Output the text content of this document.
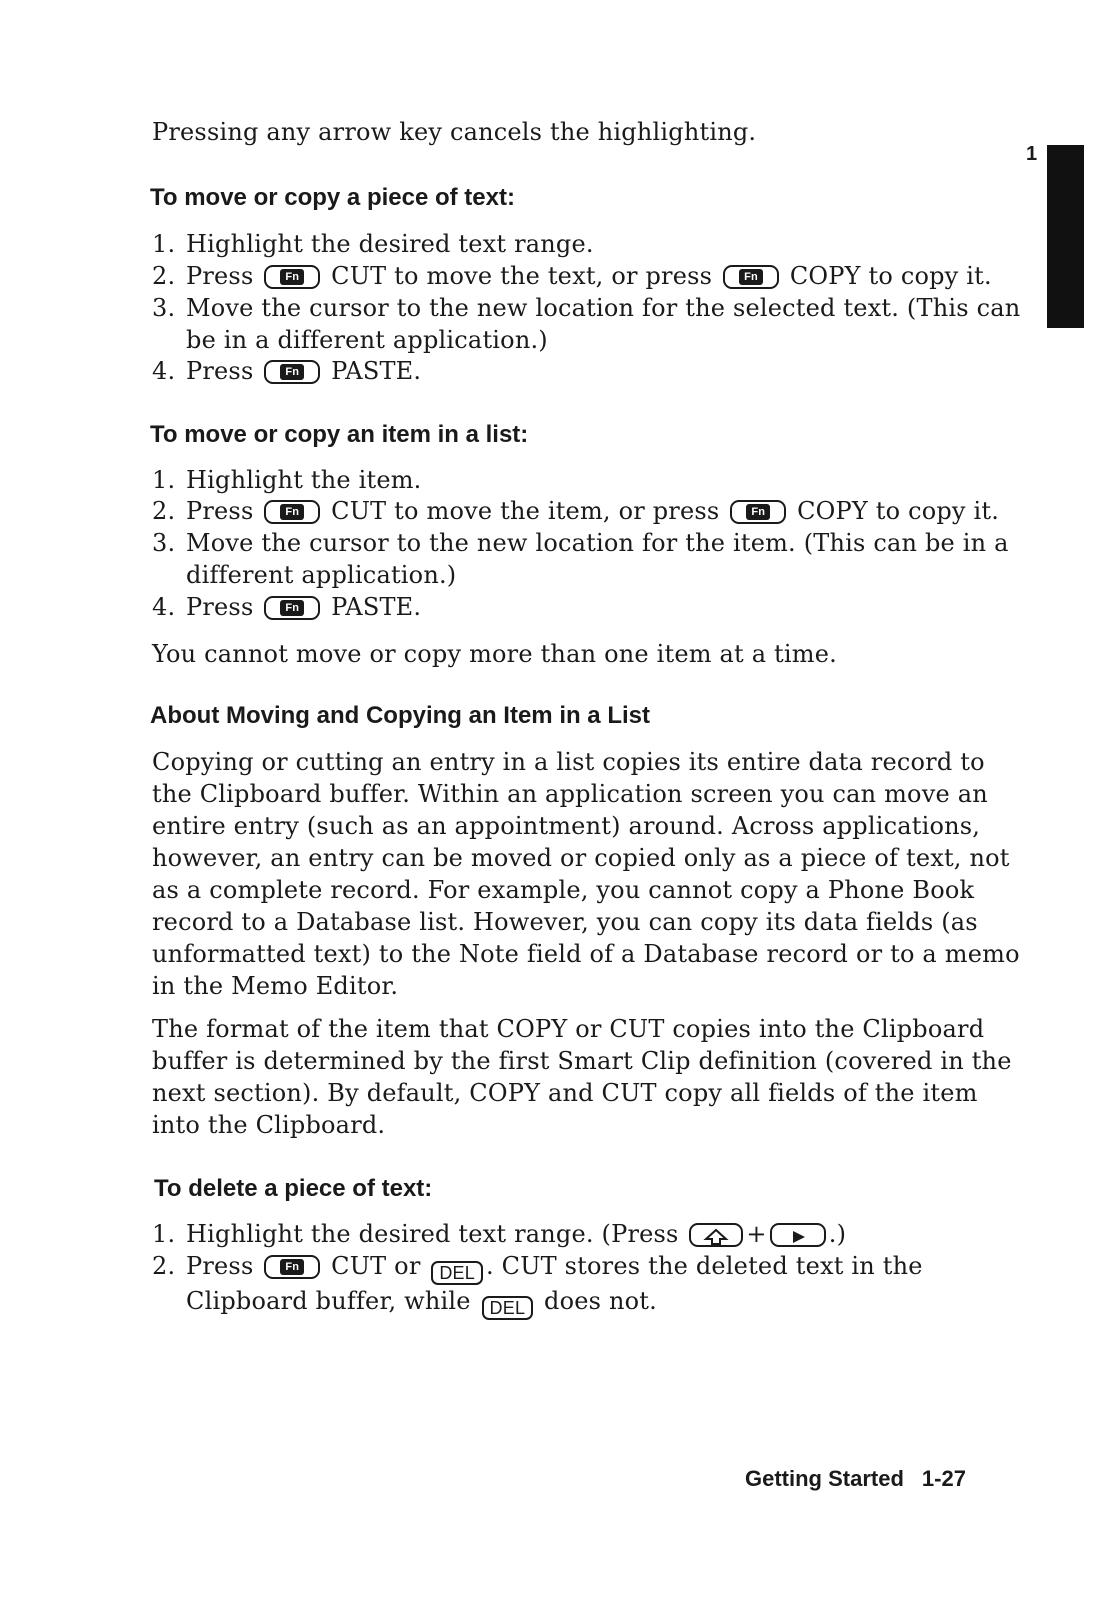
1
Pressing any arrow key cancels the highlighting.
To move or copy a piece of text:
1. Highlight the desired text range.
2. Press	Fn CUT to move the text, or press	Fn COPY to copy it.
3. Move the cursor to the new location for the selected text. (This can
be in a different application.)
4. Press	Fn PASTE.
To move or copy an item in a list:
1. Highlight the item.
2. Press	Fn CUT to move the item, or press	Fn COPY to copy it.
3. Move the cursor to the new location for the item. (This can be in a
different application.)
4. Press	Fn PASTE.
You cannot move or copy more than one item at a time.
About Moving and Copying an Item in a List
Copying or cutting an entry in a list copies its entire data record to
the Clipboard buffer. Within an application screen you can move an
entire entry (such as an appointment) around. Across applications,
however, an entry can be moved or copied only as a piece of text, not
as a complete record. For example, you cannot copy a Phone Book
record to a Database list. However, you can copy its data fields (as
unformatted text) to the Note field of a Database record or to a memo
in the Memo Editor.
The format of the item that COPY or CUT copies into the Clipboard
buffer is determined by the first Smart Clip definition (covered in the
next section). By default, COPY and CUT copy all fields of the item
into the Clipboard.
To delete a piece of text:
1. Highlight the desired text range. (Press	+	.)
2. Press	Fn CUT or DEL . CUT stores the deleted text in the
Clipboard buffer, while DEL does not.
Getting Started 1-27
